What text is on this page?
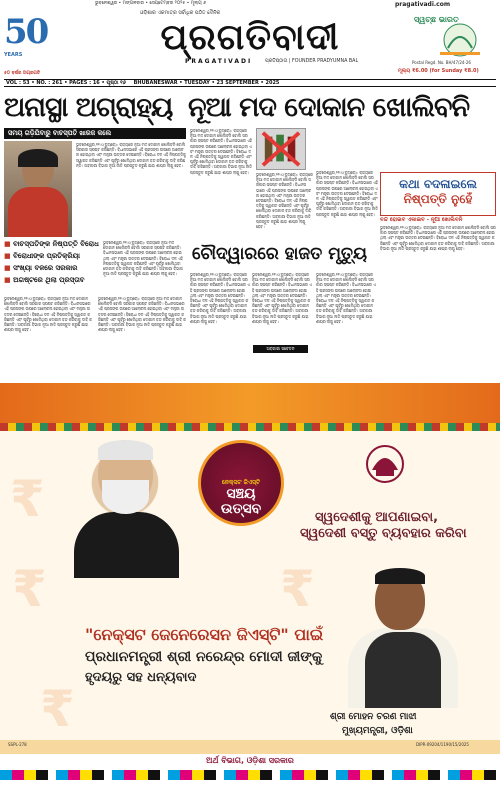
ଭୁବନେଶ୍ୱର • ମଙ୍ଗଳବାର • ସେପ୍ଟେମ୍ବର ୨୦୨୫ • ମୂଲ୍ୟ ୬	pragativadi.com
50
YEARS
୫୦ ବର୍ଷର ଅଗ୍ରଗତି
ଓଡ଼ିଶାର ଏକମାତ୍ର ସର୍ବାଧିକ ପଠିତ ଦୈନିକ
ପ୍ରଗତିବାଦୀ
PRAGATIVADI	ପ୍ରତିଷ୍ଠାତା | FOUNDER PRADYUMNA BAL
ସ୍ୱଚ୍ଛ ଭାରତ
Postal Regd. No. BH/47/24-26
ମୂଲ୍ୟ ₹6.00 (for Sunday ₹8.0)
VOL : 53 • NO. : 261 • PAGES : 16 • ପୃଷ୍ଠା ୧୬ BHUBANESWAR • TUESDAY • 23 SEPTEMBER • 2025
ଅନାସ୍ଥା ଅଗ୍ରାହ୍ୟ ନୂଆ ମଦ ଦୋକାନ ଖୋଲିବନି
ସମୟ ଗଡ଼ିଯିବାରୁ ବାଚସ୍ପତି ଖାରଜ କଲେ
ଭୁବନେଶ୍ୱର,୨୨।୯(ବ୍ୟୁରୋ): ରାଜ୍ୟରେ ନୂଆ ମଦ ଦୋକାନ ଖୋଲିବନି ବୋଲି ସରକାର ସ୍ପଷ୍ଟ କରିଛନ୍ତି। ବିଧାନସଭାରେ ଏହି ପ୍ରସଙ୍ଗ ଉପରେ ଆଲୋଚନା ହୋଇଥିଲା ଏବଂ ମନ୍ତ୍ରୀ ଉତ୍ତର ଦେଇଛନ୍ତି। ବିରୋଧୀ ଦଳ ଏହି ନିଷ୍ପତ୍ତିକୁ ସ୍ୱାଗତ କରିଛନ୍ତି ଏବଂ ପୂର୍ବରୁ ଖୋଲିଥିବା ଦୋକାନ ବନ୍ଦ କରିବାକୁ ଦାବି କରିଛନ୍ତି। ଅବକାରୀ ବିଭାଗ ନୂଆ ନୀତି ପ୍ରସ୍ତୁତ କରୁଛି ଯାହା ଶୀଘ୍ର ଲାଗୁ ହେବ।
■ ବାଚସ୍ପତିଙ୍କ ନିଷ୍ପତ୍ତି ବିରୋଧ
■ ବିରୋଧୀଙ୍କ ପ୍ରତିକ୍ରିୟା
■ ସଂଖ୍ୟା ବଳରେ ସରକାର
■ ଅଗଷ୍ଟରେ ଥିଲା ପ୍ରସ୍ତାବ
ଭୁବନେଶ୍ୱର,୨୨।୯(ବ୍ୟୁରୋ): ରାଜ୍ୟରେ ନୂଆ ମଦ ଦୋକାନ ଖୋଲିବନି ବୋଲି ସରକାର ସ୍ପଷ୍ଟ କରିଛନ୍ତି। ବିଧାନସଭାରେ ଏହି ପ୍ରସଙ୍ଗ ଉପରେ ଆଲୋଚନା ହୋଇଥିଲା ଏବଂ ମନ୍ତ୍ରୀ ଉତ୍ତର ଦେଇଛନ୍ତି। ବିରୋଧୀ ଦଳ ଏହି ନିଷ୍ପତ୍ତିକୁ ସ୍ୱାଗତ କରିଛନ୍ତି ଏବଂ ପୂର୍ବରୁ ଖୋଲିଥିବା ଦୋକାନ ବନ୍ଦ କରିବାକୁ ଦାବି କରିଛନ୍ତି। ଅବକାରୀ ବିଭାଗ ନୂଆ ନୀତି ପ୍ରସ୍ତୁତ କରୁଛି ଯାହା ଶୀଘ୍ର ଲାଗୁ ହେବ।
ଭୁବନେଶ୍ୱର,୨୨।୯(ବ୍ୟୁରୋ): ରାଜ୍ୟରେ ନୂଆ ମଦ ଦୋକାନ ଖୋଲିବନି ବୋଲି ସରକାର ସ୍ପଷ୍ଟ କରିଛନ୍ତି। ବିଧାନସଭାରେ ଏହି ପ୍ରସଙ୍ଗ ଉପରେ ଆଲୋଚନା ହୋଇଥିଲା ଏବଂ ମନ୍ତ୍ରୀ ଉତ୍ତର ଦେଇଛନ୍ତି। ବିରୋଧୀ ଦଳ ଏହି ନିଷ୍ପତ୍ତିକୁ ସ୍ୱାଗତ କରିଛନ୍ତି ଏବଂ ପୂର୍ବରୁ ଖୋଲିଥିବା ଦୋକାନ ବନ୍ଦ କରିବାକୁ ଦାବି କରିଛନ୍ତି। ଅବକାରୀ ବିଭାଗ ନୂଆ ନୀତି ପ୍ରସ୍ତୁତ କରୁଛି ଯାହା ଶୀଘ୍ର ଲାଗୁ ହେବ।
ଭୁବନେଶ୍ୱର,୨୨।୯(ବ୍ୟୁରୋ): ରାଜ୍ୟରେ ନୂଆ ମଦ ଦୋକାନ ଖୋଲିବନି ବୋଲି ସରକାର ସ୍ପଷ୍ଟ କରିଛନ୍ତି। ବିଧାନସଭାରେ ଏହି ପ୍ରସଙ୍ଗ ଉପରେ ଆଲୋଚନା ହୋଇଥିଲା ଏବଂ ମନ୍ତ୍ରୀ ଉତ୍ତର ଦେଇଛନ୍ତି। ବିରୋଧୀ ଦଳ ଏହି ନିଷ୍ପତ୍ତିକୁ ସ୍ୱାଗତ କରିଛନ୍ତି ଏବଂ ପୂର୍ବରୁ ଖୋଲିଥିବା ଦୋକାନ ବନ୍ଦ କରିବାକୁ ଦାବି କରିଛନ୍ତି। ଅବକାରୀ ବିଭାଗ ନୂଆ ନୀତି ପ୍ରସ୍ତୁତ କରୁଛି ଯାହା ଶୀଘ୍ର ଲାଗୁ ହେବ।
ଭୁବନେଶ୍ୱର,୨୨।୯(ବ୍ୟୁରୋ): ରାଜ୍ୟରେ ନୂଆ ମଦ ଦୋକାନ ଖୋଲିବନି ବୋଲି ସରକାର ସ୍ପଷ୍ଟ କରିଛନ୍ତି। ବିଧାନସଭାରେ ଏହି ପ୍ରସଙ୍ଗ ଉପରେ ଆଲୋଚନା ହୋଇଥିଲା ଏବଂ ମନ୍ତ୍ରୀ ଉତ୍ତର ଦେଇଛନ୍ତି। ବିରୋଧୀ ଦଳ ଏହି ନିଷ୍ପତ୍ତିକୁ ସ୍ୱାଗତ କରିଛନ୍ତି ଏବଂ ପୂର୍ବରୁ ଖୋଲିଥିବା ଦୋକାନ ବନ୍ଦ କରିବାକୁ ଦାବି କରିଛନ୍ତି। ଅବକାରୀ ବିଭାଗ ନୂଆ ନୀତି ପ୍ରସ୍ତୁତ କରୁଛି ଯାହା ଶୀଘ୍ର ଲାଗୁ ହେବ।	ଭୁବନେଶ୍ୱର,୨୨।୯(ବ୍ୟୁରୋ): ରାଜ୍ୟରେ ନୂଆ ମଦ ଦୋକାନ ଖୋଲିବନି ବୋଲି ସରକାର ସ୍ପଷ୍ଟ କରିଛନ୍ତି। ବିଧାନସଭାରେ ଏହି ପ୍ରସଙ୍ଗ ଉପରେ ଆଲୋଚନା ହୋଇଥିଲା ଏବଂ ମନ୍ତ୍ରୀ ଉତ୍ତର ଦେଇଛନ୍ତି। ବିରୋଧୀ ଦଳ ଏହି ନିଷ୍ପତ୍ତିକୁ ସ୍ୱାଗତ କରିଛନ୍ତି ଏବଂ ପୂର୍ବରୁ ଖୋଲିଥିବା ଦୋକାନ ବନ୍ଦ କରିବାକୁ ଦାବି କରିଛନ୍ତି। ଅବକାରୀ ବିଭାଗ ନୂଆ ନୀତି ପ୍ରସ୍ତୁତ କରୁଛି ଯାହା ଶୀଘ୍ର ଲାଗୁ ହେବ।
ଭୁବନେଶ୍ୱର,୨୨।୯(ବ୍ୟୁରୋ): ରାଜ୍ୟରେ ନୂଆ ମଦ ଦୋକାନ ଖୋଲିବନି ବୋଲି ସରକାର ସ୍ପଷ୍ଟ କରିଛନ୍ତି। ବିଧାନସଭାରେ ଏହି ପ୍ରସଙ୍ଗ ଉପରେ ଆଲୋଚନା ହୋଇଥିଲା ଏବଂ ମନ୍ତ୍ରୀ ଉତ୍ତର ଦେଇଛନ୍ତି। ବିରୋଧୀ ଦଳ ଏହି ନିଷ୍ପତ୍ତିକୁ ସ୍ୱାଗତ କରିଛନ୍ତି ଏବଂ ପୂର୍ବରୁ ଖୋଲିଥିବା ଦୋକାନ ବନ୍ଦ କରିବାକୁ ଦାବି କରିଛନ୍ତି। ଅବକାରୀ ବିଭାଗ ନୂଆ ନୀତି ପ୍ରସ୍ତୁତ କରୁଛି ଯାହା ଶୀଘ୍ର ଲାଗୁ ହେବ।
କଥା ବଦଳାଇଲେ
ନିଷ୍ପତ୍ତି ନୁହେଁ
ବନ୍ଦ ହୋଇବ ଏକାଇବ - ନୂଆ ଖୋଲିବନି
ଭୁବନେଶ୍ୱର,୨୨।୯(ବ୍ୟୁରୋ): ରାଜ୍ୟରେ ନୂଆ ମଦ ଦୋକାନ ଖୋଲିବନି ବୋଲି ସରକାର ସ୍ପଷ୍ଟ କରିଛନ୍ତି। ବିଧାନସଭାରେ ଏହି ପ୍ରସଙ୍ଗ ଉପରେ ଆଲୋଚନା ହୋଇଥିଲା ଏବଂ ମନ୍ତ୍ରୀ ଉତ୍ତର ଦେଇଛନ୍ତି। ବିରୋଧୀ ଦଳ ଏହି ନିଷ୍ପତ୍ତିକୁ ସ୍ୱାଗତ କରିଛନ୍ତି ଏବଂ ପୂର୍ବରୁ ଖୋଲିଥିବା ଦୋକାନ ବନ୍ଦ କରିବାକୁ ଦାବି କରିଛନ୍ତି। ଅବକାରୀ ବିଭାଗ ନୂଆ ନୀତି ପ୍ରସ୍ତୁତ କରୁଛି ଯାହା ଶୀଘ୍ର ଲାଗୁ ହେବ।
ଚୌଦ୍ୱାରରେ ହାଜତ ମୃତ୍ୟୁ
ଭୁବନେଶ୍ୱର,୨୨।୯(ବ୍ୟୁରୋ): ରାଜ୍ୟରେ ନୂଆ ମଦ ଦୋକାନ ଖୋଲିବନି ବୋଲି ସରକାର ସ୍ପଷ୍ଟ କରିଛନ୍ତି। ବିଧାନସଭାରେ ଏହି ପ୍ରସଙ୍ଗ ଉପରେ ଆଲୋଚନା ହୋଇଥିଲା ଏବଂ ମନ୍ତ୍ରୀ ଉତ୍ତର ଦେଇଛନ୍ତି। ବିରୋଧୀ ଦଳ ଏହି ନିଷ୍ପତ୍ତିକୁ ସ୍ୱାଗତ କରିଛନ୍ତି ଏବଂ ପୂର୍ବରୁ ଖୋଲିଥିବା ଦୋକାନ ବନ୍ଦ କରିବାକୁ ଦାବି କରିଛନ୍ତି। ଅବକାରୀ ବିଭାଗ ନୂଆ ନୀତି ପ୍ରସ୍ତୁତ କରୁଛି ଯାହା ଶୀଘ୍ର ଲାଗୁ ହେବ।
ଭୁବନେଶ୍ୱର,୨୨।୯(ବ୍ୟୁରୋ): ରାଜ୍ୟରେ ନୂଆ ମଦ ଦୋକାନ ଖୋଲିବନି ବୋଲି ସରକାର ସ୍ପଷ୍ଟ କରିଛନ୍ତି। ବିଧାନସଭାରେ ଏହି ପ୍ରସଙ୍ଗ ଉପରେ ଆଲୋଚନା ହୋଇଥିଲା ଏବଂ ମନ୍ତ୍ରୀ ଉତ୍ତର ଦେଇଛନ୍ତି। ବିରୋଧୀ ଦଳ ଏହି ନିଷ୍ପତ୍ତିକୁ ସ୍ୱାଗତ କରିଛନ୍ତି ଏବଂ ପୂର୍ବରୁ ଖୋଲିଥିବା ଦୋକାନ ବନ୍ଦ କରିବାକୁ ଦାବି କରିଛନ୍ତି। ଅବକାରୀ ବିଭାଗ ନୂଆ ନୀତି ପ୍ରସ୍ତୁତ କରୁଛି ଯାହା ଶୀଘ୍ର ଲାଗୁ ହେବ।
ଭୁବନେଶ୍ୱର,୨୨।୯(ବ୍ୟୁରୋ): ରାଜ୍ୟରେ ନୂଆ ମଦ ଦୋକାନ ଖୋଲିବନି ବୋଲି ସରକାର ସ୍ପଷ୍ଟ କରିଛନ୍ତି। ବିଧାନସଭାରେ ଏହି ପ୍ରସଙ୍ଗ ଉପରେ ଆଲୋଚନା ହୋଇଥିଲା ଏବଂ ମନ୍ତ୍ରୀ ଉତ୍ତର ଦେଇଛନ୍ତି। ବିରୋଧୀ ଦଳ ଏହି ନିଷ୍ପତ୍ତିକୁ ସ୍ୱାଗତ କରିଛନ୍ତି ଏବଂ ପୂର୍ବରୁ ଖୋଲିଥିବା ଦୋକାନ ବନ୍ଦ କରିବାକୁ ଦାବି କରିଛନ୍ତି। ଅବକାରୀ ବିଭାଗ ନୂଆ ନୀତି ପ୍ରସ୍ତୁତ କରୁଛି ଯାହା ଶୀଘ୍ର ଲାଗୁ ହେବ।
ଅବକାରୀ ସଚେତନ
₹
₹	₹
₹
ନେକ୍ସଟ ଜିଏସ୍‌ଟି
ସଞ୍ଚୟ
ଉତ୍ସବ
ସ୍ୱଦେଶୀକୁ ଆପଣାଇବା,
ସ୍ୱଦେଶୀ ବସ୍ତୁ ବ୍ୟବହାର କରିବା
"ନେକ୍ସଟ ଜେନେରେସନ ଜିଏସ୍‌ଟି" ପାଇଁ
ପ୍ରଧାନମନ୍ତ୍ରୀ ଶ୍ରୀ ନରେନ୍ଦ୍ର ମୋଦୀ ଜୀଙ୍କୁ
ହୃଦୟରୁ ସହ ଧନ୍ୟବାଦ
ଶ୍ରୀ ମୋହନ ଚରଣ ମାଝୀ
ମୁଖ୍ୟମନ୍ତ୍ରୀ, ଓଡ଼ିଶା
SSPL-278	DIPR-09204/1190/15/2025
ଅର୍ଥ ବିଭାଗ, ଓଡ଼ିଶା ସରକାର
